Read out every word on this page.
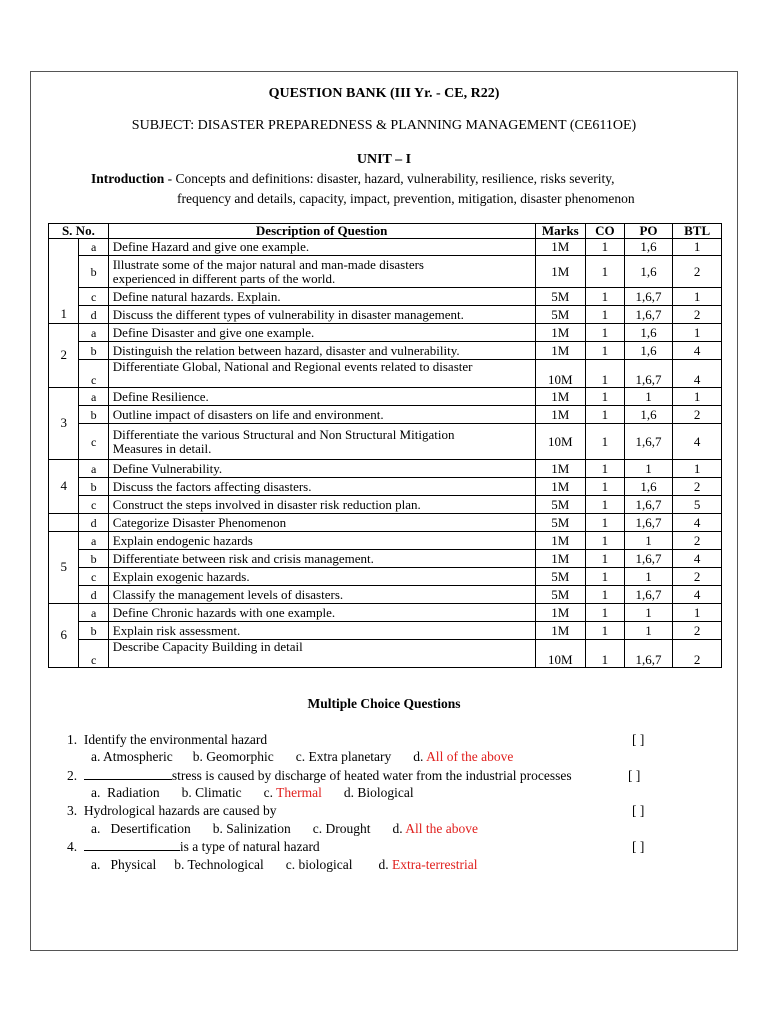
QUESTION BANK (III Yr. - CE, R22)
SUBJECT: DISASTER PREPAREDNESS & PLANNING MANAGEMENT (CE611OE)
UNIT – I
Introduction - Concepts and definitions: disaster, hazard, vulnerability, resilience, risks severity,
frequency and details, capacity, impact, prevention, mitigation, disaster phenomenon
S. No.		Description of Question	Marks	CO	PO	BTL
1	a	Define Hazard and give one example.	1M	1	1,6	1
	b	Illustrate some of the major natural and man-made disasters
experienced in different parts of the world.	1M	1	1,6	2
	c	Define natural hazards. Explain.	5M	1	1,6,7	1
	d	Discuss the different types of vulnerability in disaster management.	5M	1	1,6,7	2
2	a	Define Disaster and give one example.	1M	1	1,6	1
	b	Distinguish the relation between hazard, disaster and vulnerability.	1M	1	1,6	4
	c	Differentiate Global, National and Regional events related to disaster	10M	1	1,6,7	4
3	a	Define Resilience.	1M	1	1	1
	b	Outline impact of disasters on life and environment.	1M	1	1,6	2
	c	Differentiate the various Structural and Non Structural Mitigation
Measures in detail.	10M	1	1,6,7	4
4	a	Define Vulnerability.	1M	1	1	1
	b	Discuss the factors affecting disasters.	1M	1	1,6	2
	c	Construct the steps involved in disaster risk reduction plan.	5M	1	1,6,7	5
	d	Categorize Disaster Phenomenon	5M	1	1,6,7	4
5	a	Explain endogenic hazards	1M	1	1	2
	b	Differentiate between risk and crisis management.	1M	1	1,6,7	4
	c	Explain exogenic hazards.	5M	1	1	2
	d	Classify the management levels of disasters.	5M	1	1,6,7	4
6	a	Define Chronic hazards with one example.	1M	1	1	1
	b	Explain risk assessment.	1M	1	1	2
	c	Describe Capacity Building in detail	10M	1	1,6,7	2
Multiple Choice Questions
1. Identify the environmental hazard	[ ]
a. Atmospheric b. Geomorphic c. Extra planetary d. All of the above
2.	stress is caused by discharge of heated water from the industrial processes	[ ]
a. Radiation b. Climatic c. Thermal d. Biological
3. Hydrological hazards are caused by	[ ]
a. Desertification b. Salinization c. Drought d. All the above
4.	is a type of natural hazard	[ ]
a. Physical b. Technological c. biological d. Extra-terrestrial
